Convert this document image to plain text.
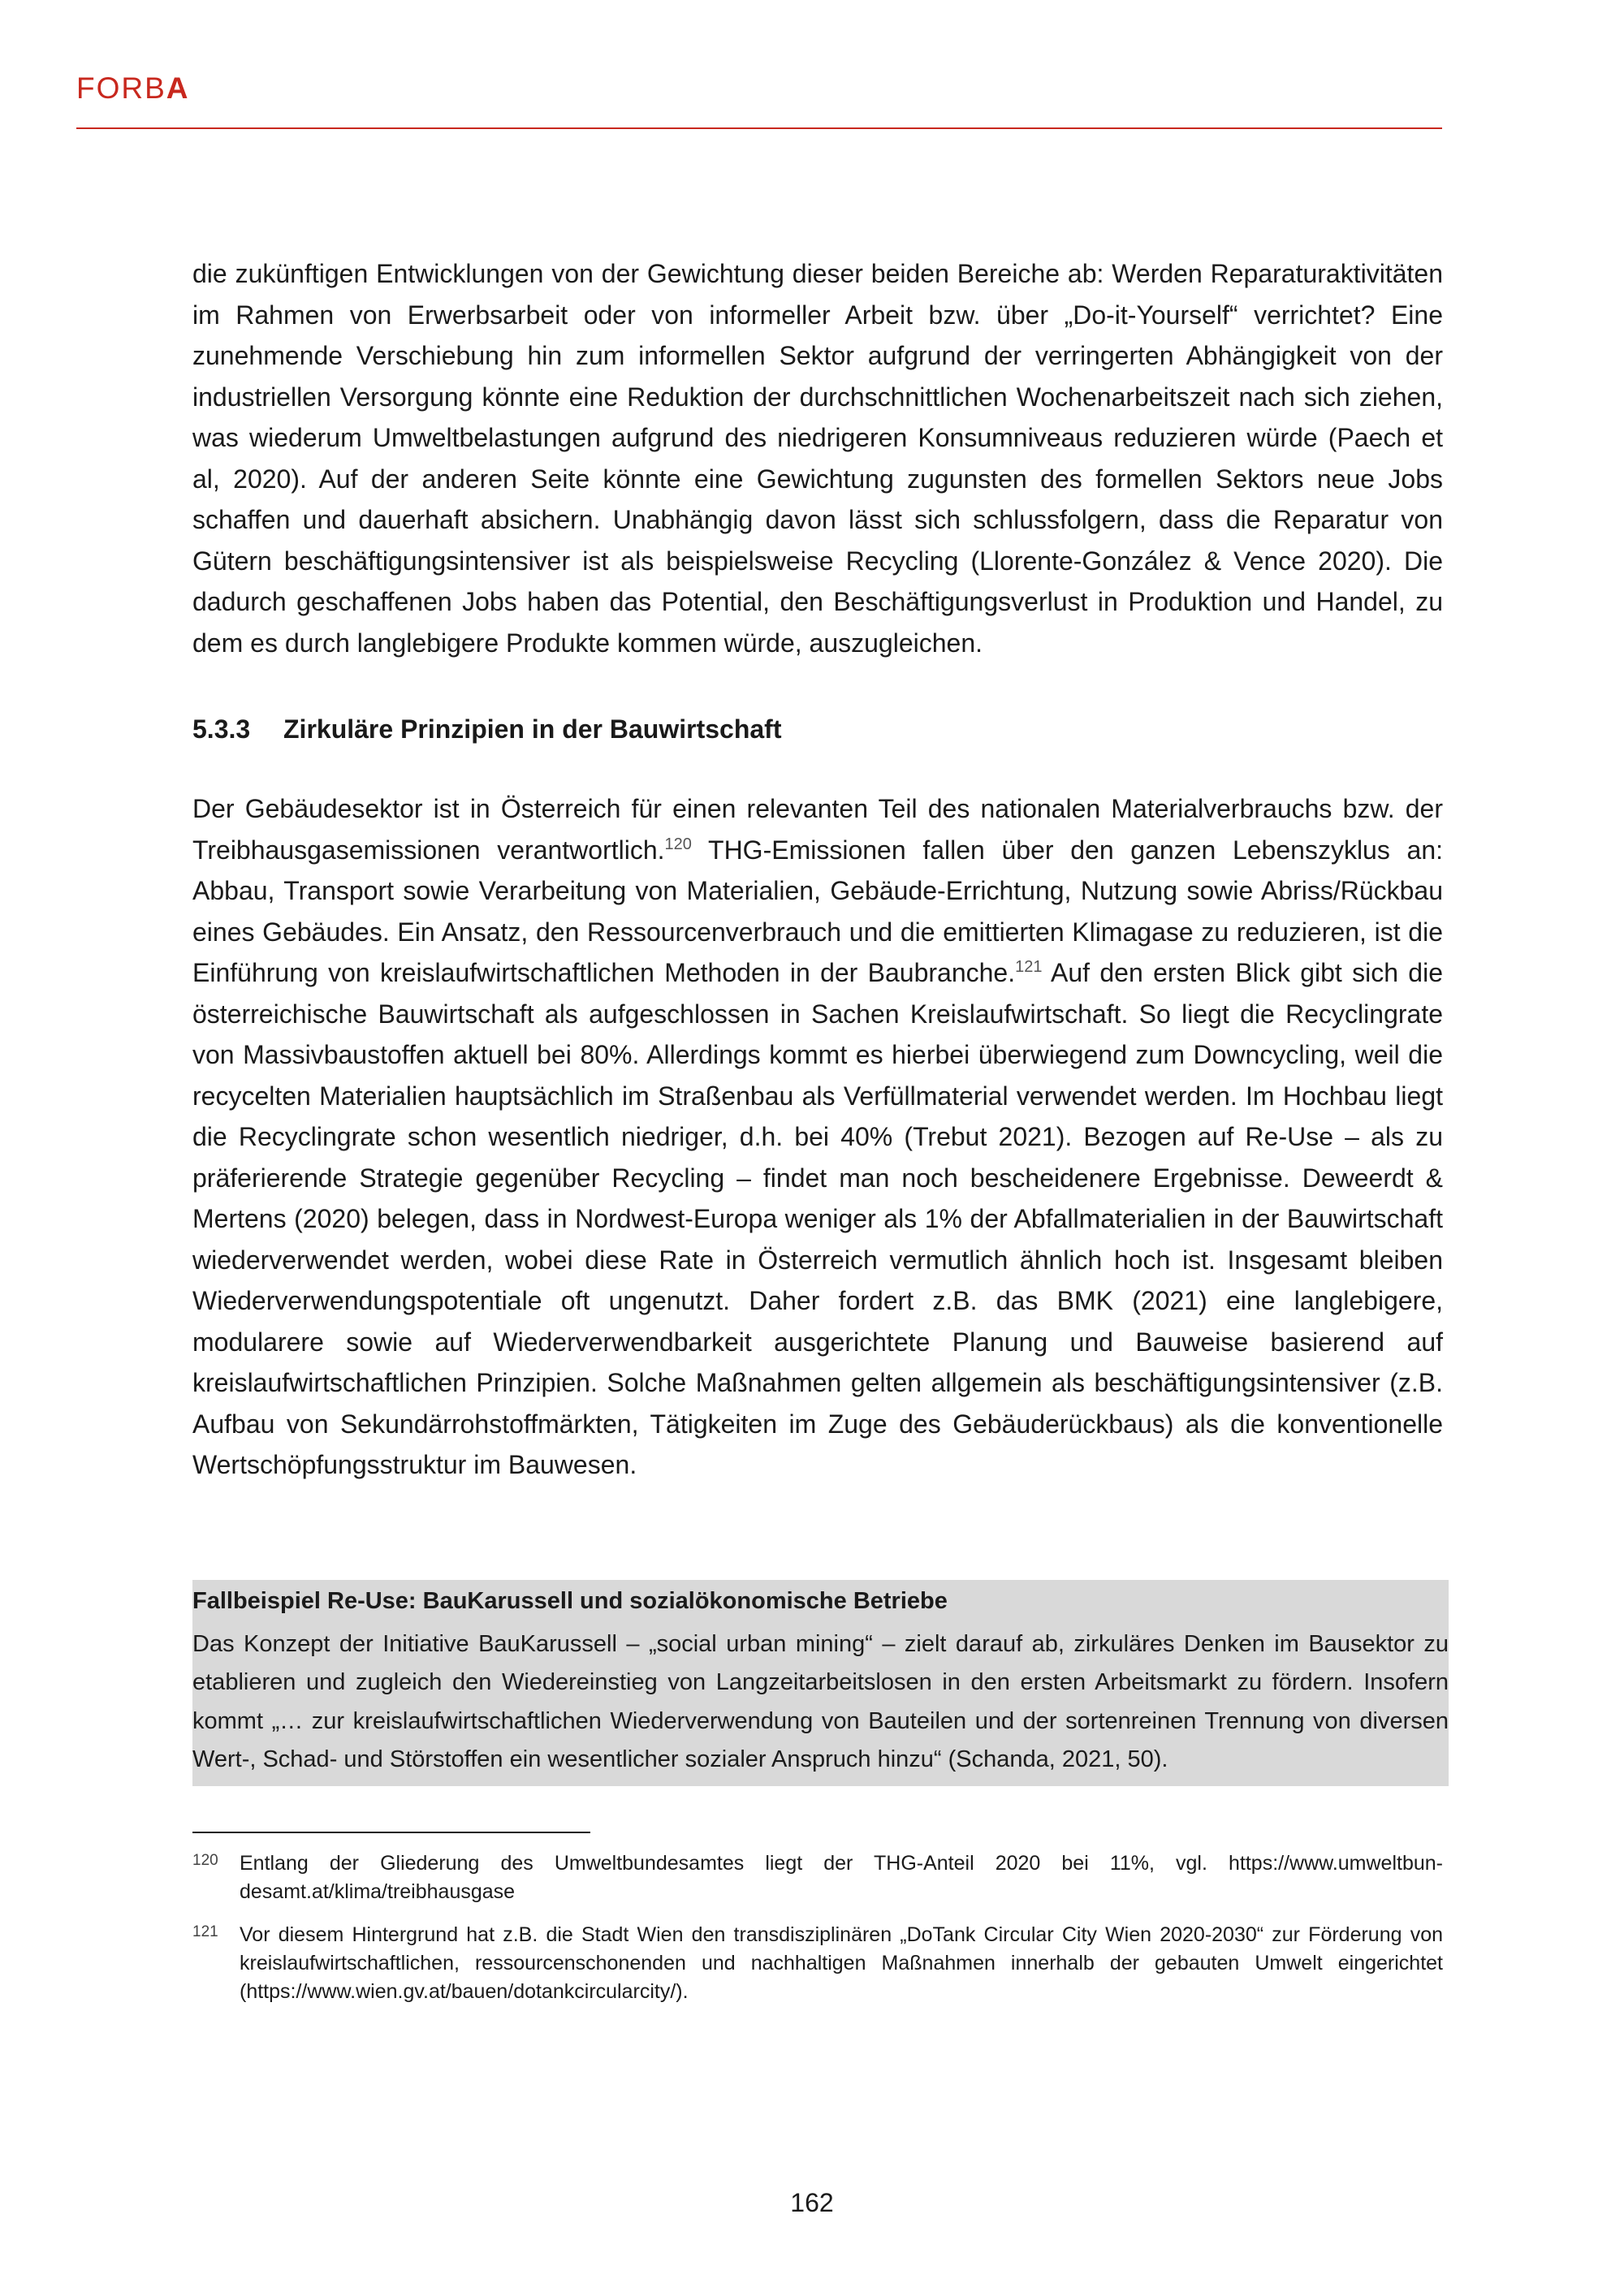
FORBA

die zukünftigen Entwicklungen von der Gewichtung dieser beiden Bereiche ab: Werden Reparaturaktivitäten im Rahmen von Erwerbsarbeit oder von informeller Arbeit bzw. über „Do-it-Yourself“ verrichtet? Eine zunehmende Verschiebung hin zum informellen Sektor aufgrund der verringerten Abhängigkeit von der industriellen Versorgung könnte eine Reduktion der durchschnittlichen Wochenarbeitszeit nach sich ziehen, was wiederum Umweltbelastungen aufgrund des niedrigeren Konsumniveaus reduzieren würde (Paech et al, 2020). Auf der anderen Seite könnte eine Gewichtung zugunsten des formellen Sektors neue Jobs schaffen und dauerhaft absichern. Unabhängig davon lässt sich schlussfolgern, dass die Reparatur von Gütern beschäftigungsintensiver ist als beispielsweise Recycling (Llorente-González & Vence 2020). Die dadurch geschaffenen Jobs haben das Potential, den Beschäftigungsverlust in Produktion und Handel, zu dem es durch langlebigere Produkte kommen würde, auszugleichen.

5.3.3 Zirkuläre Prinzipien in der Bauwirtschaft

Der Gebäudesektor ist in Österreich für einen relevanten Teil des nationalen Materialverbrauchs bzw. der Treibhausgasemissionen verantwortlich.$^{120}$ THG-Emissionen fallen über den ganzen Lebenszyklus an: Abbau, Transport sowie Verarbeitung von Materialien, Gebäude-Errichtung, Nutzung sowie Abriss/Rückbau eines Gebäudes. Ein Ansatz, den Ressourcenverbrauch und die emittierten Klimagase zu reduzieren, ist die Einführung von kreislaufwirtschaftlichen Methoden in der Baubranche.$^{121}$ Auf den ersten Blick gibt sich die österreichische Bauwirtschaft als aufgeschlossen in Sachen Kreislaufwirtschaft. So liegt die Recyclingrate von Massivbaustoffen aktuell bei 80%. Allerdings kommt es hierbei überwiegend zum Downcycling, weil die recycelten Materialien hauptsächlich im Straßenbau als Verfüllmaterial verwendet werden. Im Hochbau liegt die Recyclingrate schon wesentlich niedriger, d.h. bei 40% (Trebut 2021). Bezogen auf Re-Use – als zu präferierende Strategie gegenüber Recycling – findet man noch bescheidenere Ergebnisse. Deweerdt & Mertens (2020) belegen, dass in Nordwest-Europa weniger als 1% der Abfallmaterialien in der Bauwirtschaft wiederverwendet werden, wobei diese Rate in Österreich vermutlich ähnlich hoch ist. Insgesamt bleiben Wiederverwendungspotentiale oft ungenutzt. Daher fordert z.B. das BMK (2021) eine langlebigere, modularere sowie auf Wiederverwendbarkeit ausgerichtete Planung und Bauweise basierend auf kreislaufwirtschaftlichen Prinzipien. Solche Maßnahmen gelten allgemein als beschäftigungsintensiver (z.B. Aufbau von Sekundärrohstoffmärkten, Tätigkeiten im Zuge des Gebäuderückbaus) als die konventionelle Wertschöpfungsstruktur im Bauwesen.

Fallbeispiel Re-Use: BauKarussell und sozialökonomische Betriebe

Das Konzept der Initiative BauKarussell – „social urban mining“ – zielt darauf ab, zirkuläres Denken im Bausektor zu etablieren und zugleich den Wiedereinstieg von Langzeitarbeitslosen in den ersten Arbeitsmarkt zu fördern. Insofern kommt „… zur kreislaufwirtschaftlichen Wiederverwendung von Bauteilen und der sortenreinen Trennung von diversen Wert-, Schad- und Störstoffen ein wesentlicher sozialer Anspruch hinzu“ (Schanda, 2021, 50).

120	Entlang der Gliederung des Umweltbundesamtes liegt der THG-Anteil 2020 bei 11%, vgl. https://www.umweltbundesamt.at/klima/treibhausgase
121	Vor diesem Hintergrund hat z.B. die Stadt Wien den transdisziplinären „DoTank Circular City Wien 2020-2030“ zur Förderung von kreislaufwirtschaftlichen, ressourcenschonenden und nachhaltigen Maßnahmen innerhalb der gebauten Umwelt eingerichtet (https://www.wien.gv.at/bauen/dotankcircularcity/).
162
